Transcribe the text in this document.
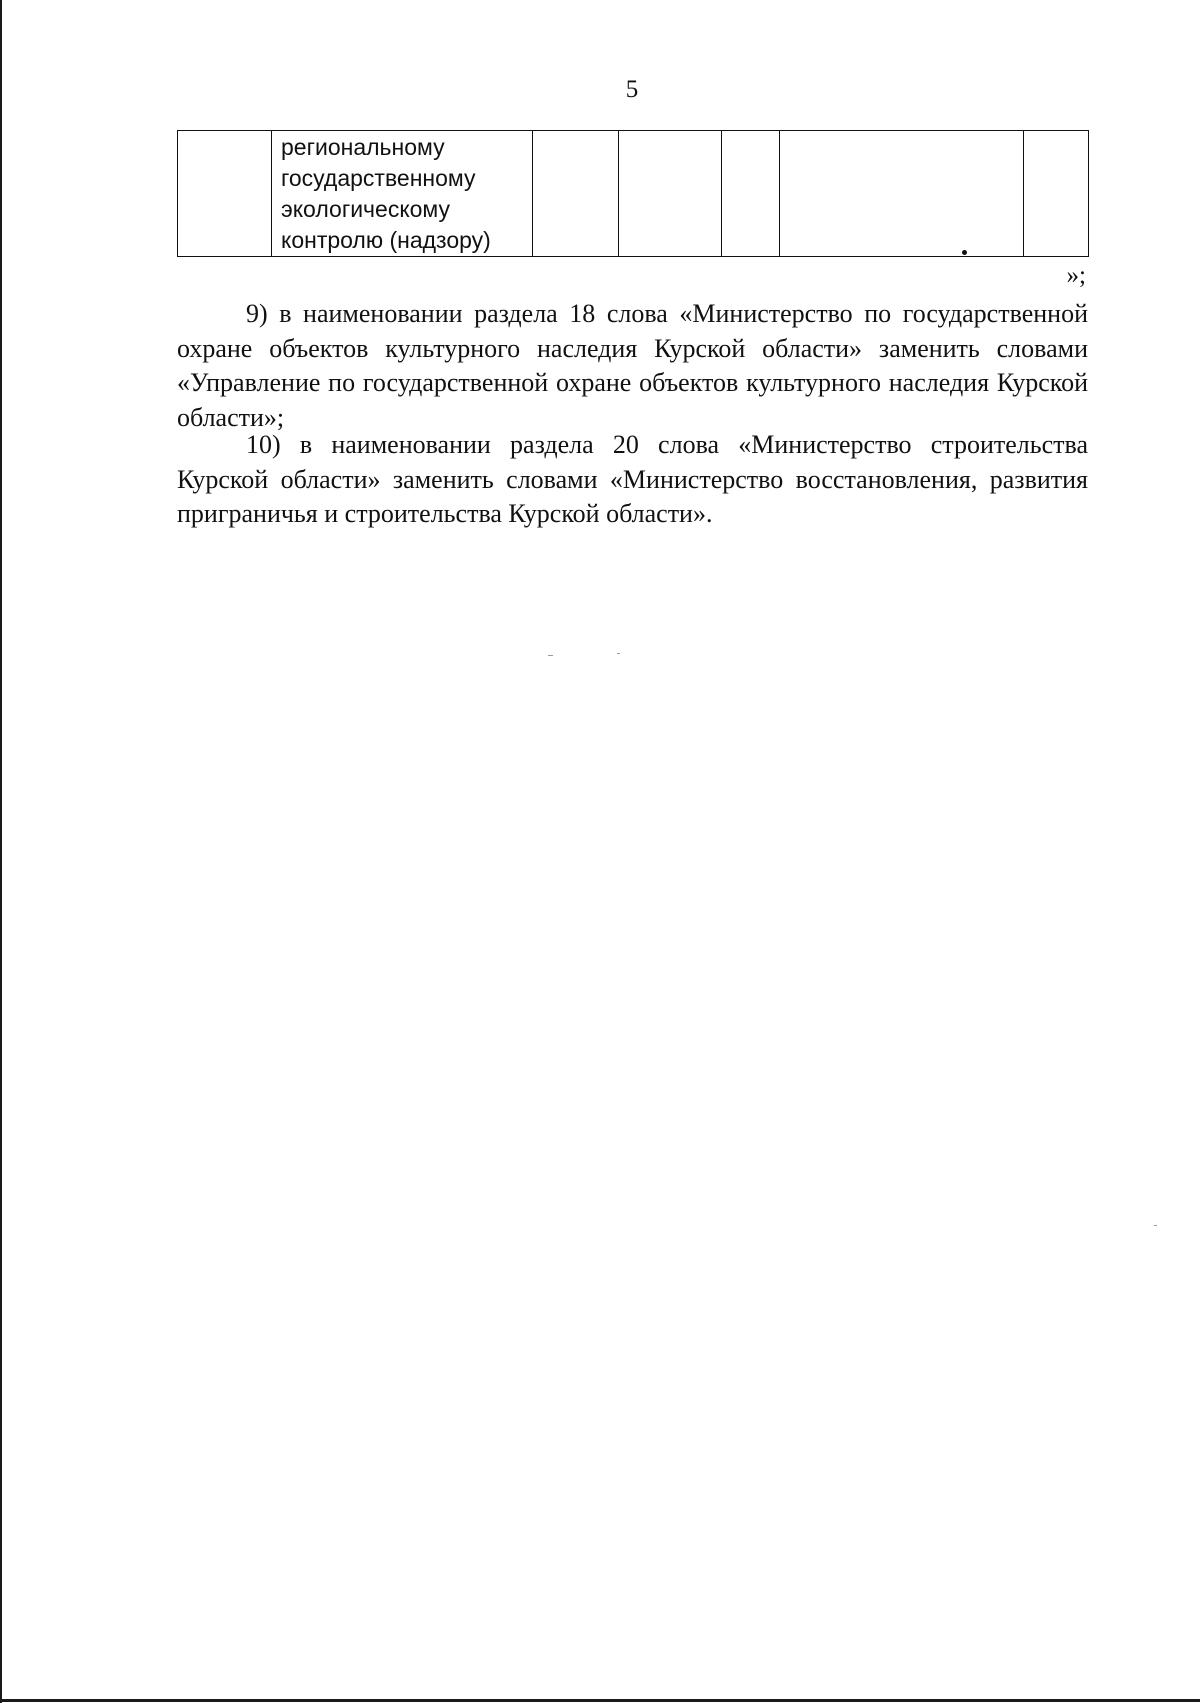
5

региональному
государственному
экологическому
контролю (надзору)

»;

9) в наименовании раздела 18 слова «Министерство по государственной охране объектов культурного наследия Курской области» заменить словами «Управление по государственной охране объектов культурного наследия Курской области»;

10) в наименовании раздела 20 слова «Министерство строительства Курской области» заменить словами «Министерство восстановления, развития приграничья и строительства Курской области».
